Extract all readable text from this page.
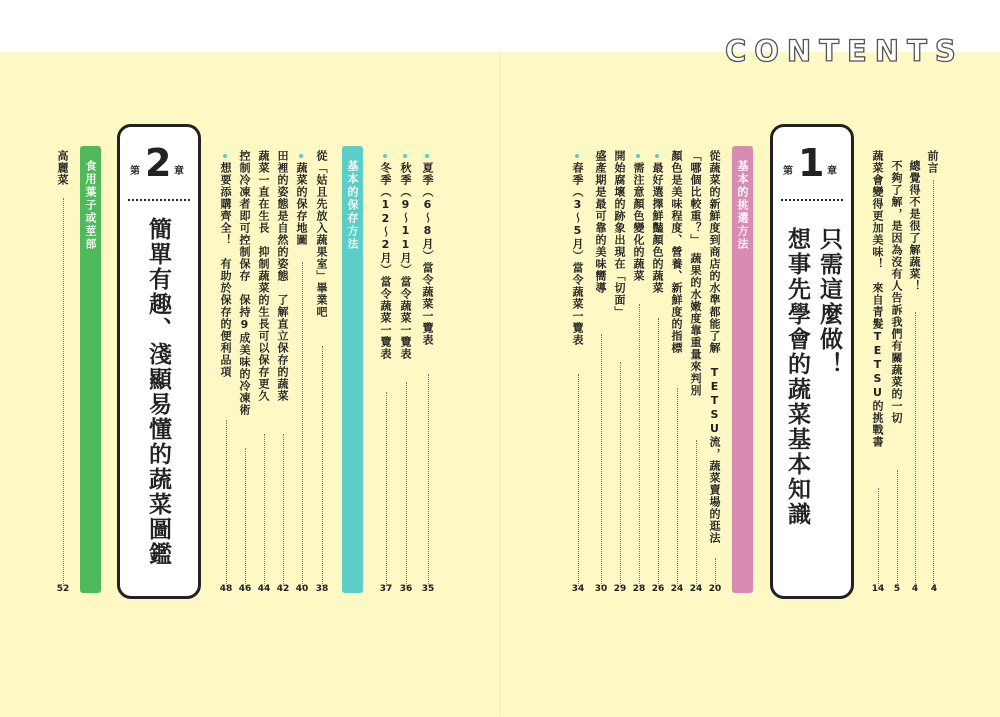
CONTENTS
前言
4
總覺得不是很了解蔬菜！
4
不夠了解，是因為沒有人告訴我們有關蔬菜的一切
5
蔬菜會變得更加美味！　來自青髮TETSU的挑戰書
14
第 1 章
只需這麼做！
想事先學會的蔬菜基本知識
基本的挑選方法
從蔬菜的新鮮度到商店的水準都能了解　TETSU流，蔬菜賣場的逛法
20
「哪個比較重？」　蔬果的水嫩度靠重量來判別
24
顏色是美味程度、營養、新鮮度的指標
24
最好選擇鮮豔顏色的蔬菜
26
需注意顏色變化的蔬菜
28
開始腐壞的跡象出現在「切面」
29
盛產期是最可靠的美味嚮導
30
春季（3～5月）當令蔬菜一覽表
34
夏季（6～8月）當令蔬菜一覽表
35
秋季（9～11月）當令蔬菜一覽表
36
冬季（12～2月）當令蔬菜一覽表
37
基本的保存方法
從「姑且先放入蔬果室」畢業吧
38
蔬菜的保存地圖
40
田裡的姿態是自然的姿態　了解直立保存的蔬菜
42
蔬菜一直在生長　抑制蔬菜的生長可以保存更久
44
控制冷凍者即可控制保存　保持9成美味的冷凍術
46
想要添購齊全！　有助於保存的便利品項
48
第 2 章
簡單有趣、淺顯易懂的蔬菜圖鑑
食用葉子或莖部
高麗菜
52
